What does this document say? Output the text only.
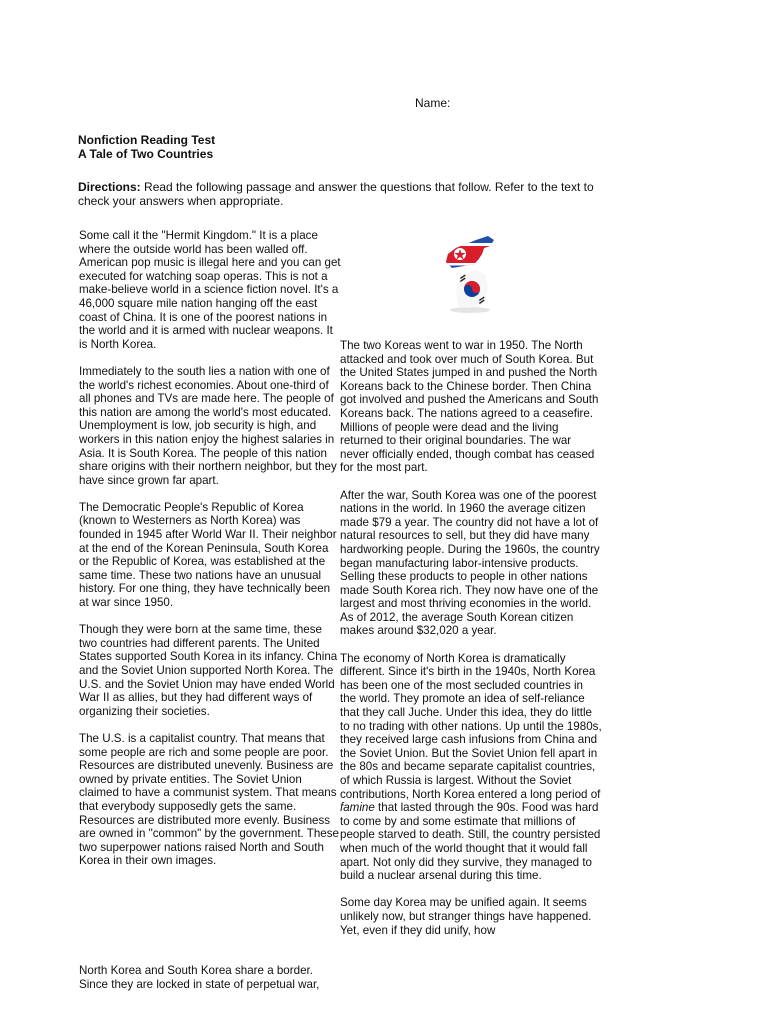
Name:
Nonfiction Reading Test
A Tale of Two Countries
Directions: Read the following passage and answer the questions that follow. Refer to the text to check your answers when appropriate.

Some call it the "Hermit Kingdom." It is a place where the outside world has been walled off. American pop music is illegal here and you can get executed for watching soap operas. This is not a make-believe world in a science fiction novel. It's a 46,000 square mile nation hanging off the east coast of China. It is one of the poorest nations in the world and it is armed with nuclear weapons. It is North Korea.

Immediately to the south lies a nation with one of the world's richest economies. About one-third of all phones and TVs are made here. The people of this nation are among the world's most educated. Unemployment is low, job security is high, and workers in this nation enjoy the highest salaries in Asia. It is South Korea. The people of this nation share origins with their northern neighbor, but they have since grown far apart.

The Democratic People's Republic of Korea (known to Westerners as North Korea) was founded in 1945 after World War II. Their neighbor at the end of the Korean Peninsula, South Korea or the Republic of Korea, was established at the same time. These two nations have an unusual history. For one thing, they have technically been at war since 1950.

Though they were born at the same time, these two countries had different parents. The United States supported South Korea in its infancy. China and the Soviet Union supported North Korea. The U.S. and the Soviet Union may have ended World War II as allies, but they had different ways of organizing their societies.

The U.S. is a capitalist country. That means that some people are rich and some people are poor. Resources are distributed unevenly. Business are owned by private entities. The Soviet Union claimed to have a communist system. That means that everybody supposedly gets the same. Resources are distributed more evenly. Business are owned in "common" by the government. These two superpower nations raised North and South Korea in their own images.

North Korea and South Korea share a border. Since they are locked in state of perpetual war,

The two Koreas went to war in 1950. The North attacked and took over much of South Korea. But the United States jumped in and pushed the North Koreans back to the Chinese border. Then China got involved and pushed the Americans and South Koreans back. The nations agreed to a ceasefire. Millions of people were dead and the living returned to their original boundaries. The war never officially ended, though combat has ceased for the most part.

After the war, South Korea was one of the poorest nations in the world. In 1960 the average citizen made $79 a year. The country did not have a lot of natural resources to sell, but they did have many hardworking people. During the 1960s, the country began manufacturing labor-intensive products. Selling these products to people in other nations made South Korea rich. They now have one of the largest and most thriving economies in the world. As of 2012, the average South Korean citizen makes around $32,020 a year.

The economy of North Korea is dramatically different. Since it's birth in the 1940s, North Korea has been one of the most secluded countries in the world. They promote an idea of self-reliance that they call Juche. Under this idea, they do little to no trading with other nations. Up until the 1980s, they received large cash infusions from China and the Soviet Union. But the Soviet Union fell apart in the 80s and became separate capitalist countries, of which Russia is largest. Without the Soviet contributions, North Korea entered a long period of famine that lasted through the 90s. Food was hard to come by and some estimate that millions of people starved to death. Still, the country persisted when much of the world thought that it would fall apart. Not only did they survive, they managed to build a nuclear arsenal during this time.

Some day Korea may be unified again. It seems unlikely now, but stranger things have happened. Yet, even if they did unify, how
